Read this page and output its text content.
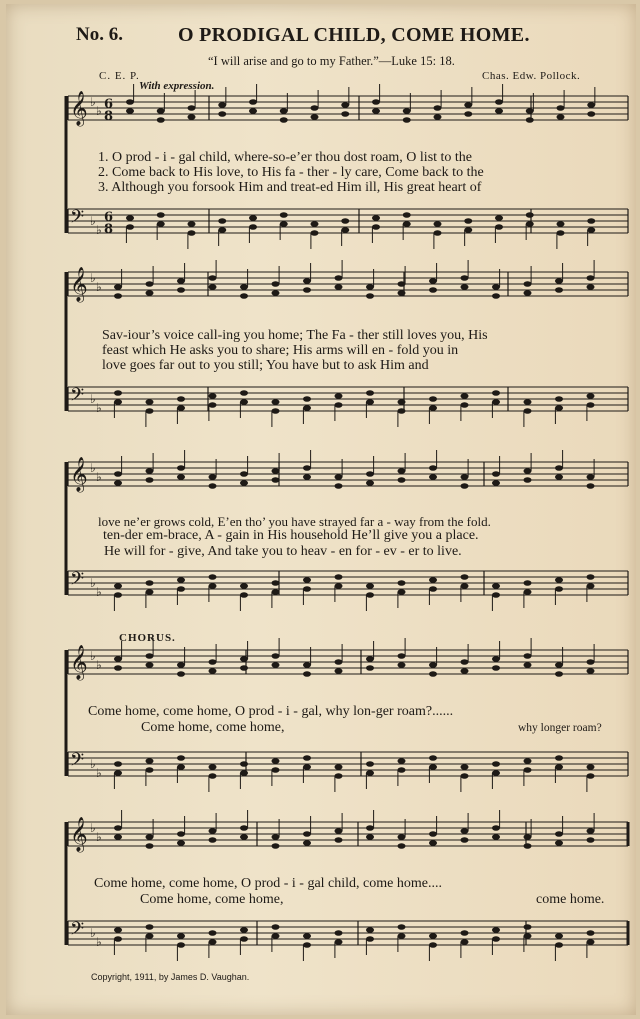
No. 6.	O PRODIGAL CHILD, COME HOME.
“I will arise and go to my Father.”—Luke 15: 18.
C. E. P.	Chas. Edw. Pollock.
With expression.
𝄞 ♭
♭ 6
8
𝄢 ♭
♭
6
8
𝄞 ♭
♭
𝄢 ♭
♭
𝄞 ♭
♭
𝄢 ♭
♭
𝄞 ♭
♭
𝄢 ♭
♭
𝄞 ♭
♭
𝄢 ♭
♭
1. O prod - i - gal child, where-so-e’er thou dost roam, O list to the
2. Come back to His love, to His fa - ther - ly care, Come back to the
3. Although you forsook Him and treat-ed Him ill, His great heart of
Sav-iour’s voice call-ing you home; The Fa - ther still loves you, His
feast which He asks you to share; His arms will en - fold you in
love goes far out to you still; You have but to ask Him and
love ne’er grows cold, E’en tho’ you have strayed far a - way from the fold.
ten-der em-brace, A - gain in His household He’ll give you a place.
He will for - give, And take you to heav - en for - ev - er to live.
CHORUS.
Come home, come home, O prod - i - gal, why lon-ger roam?......
Come home, come home,	why longer roam?
Come home, come home, O prod - i - gal child, come home....
Come home, come home,	come home.
Copyright, 1911, by James D. Vaughan.
